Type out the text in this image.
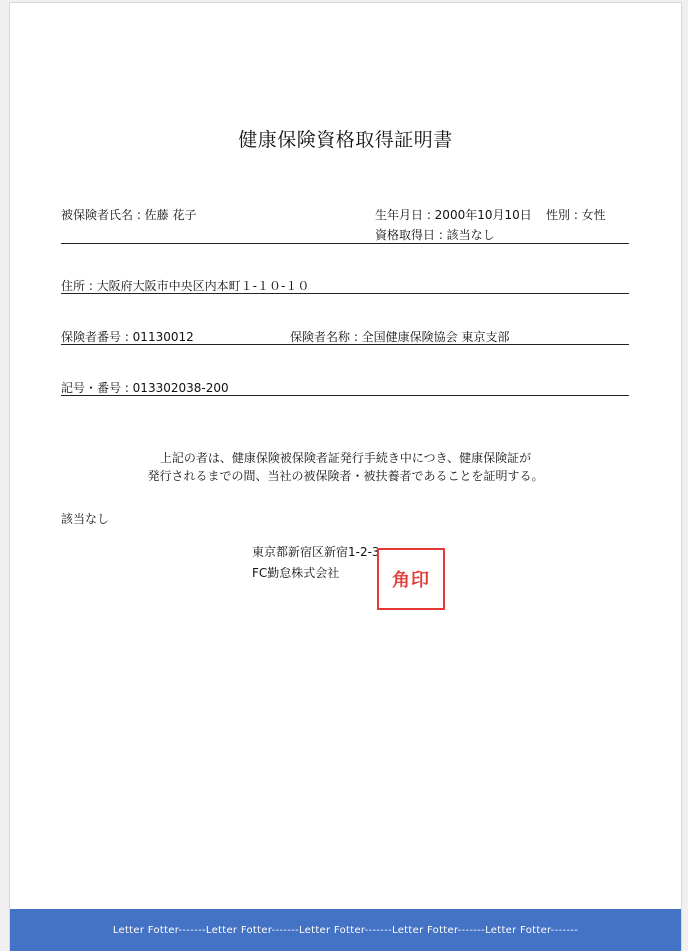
健康保険資格取得証明書
被保険者氏名 : 佐藤 花子	生年月日 : 2000年10月10日 性別 : 女性
資格取得日 : 該当なし
住所 : 大阪府大阪市中央区内本町１-１０-１０
保険者番号 : 01130012	保険者名称 : 全国健康保険協会 東京支部
記号・番号 : 013302038-200
上記の者は、健康保険被保険者証発行手続き中につき、健康保険証が
発行されるまでの間、当社の被保険者・被扶養者であることを証明する。
該当なし
東京都新宿区新宿1-2-3
FC勤怠株式会社	角印
Letter Fotter-------Letter Fotter-------Letter Fotter-------Letter Fotter-------Letter Fotter-------
